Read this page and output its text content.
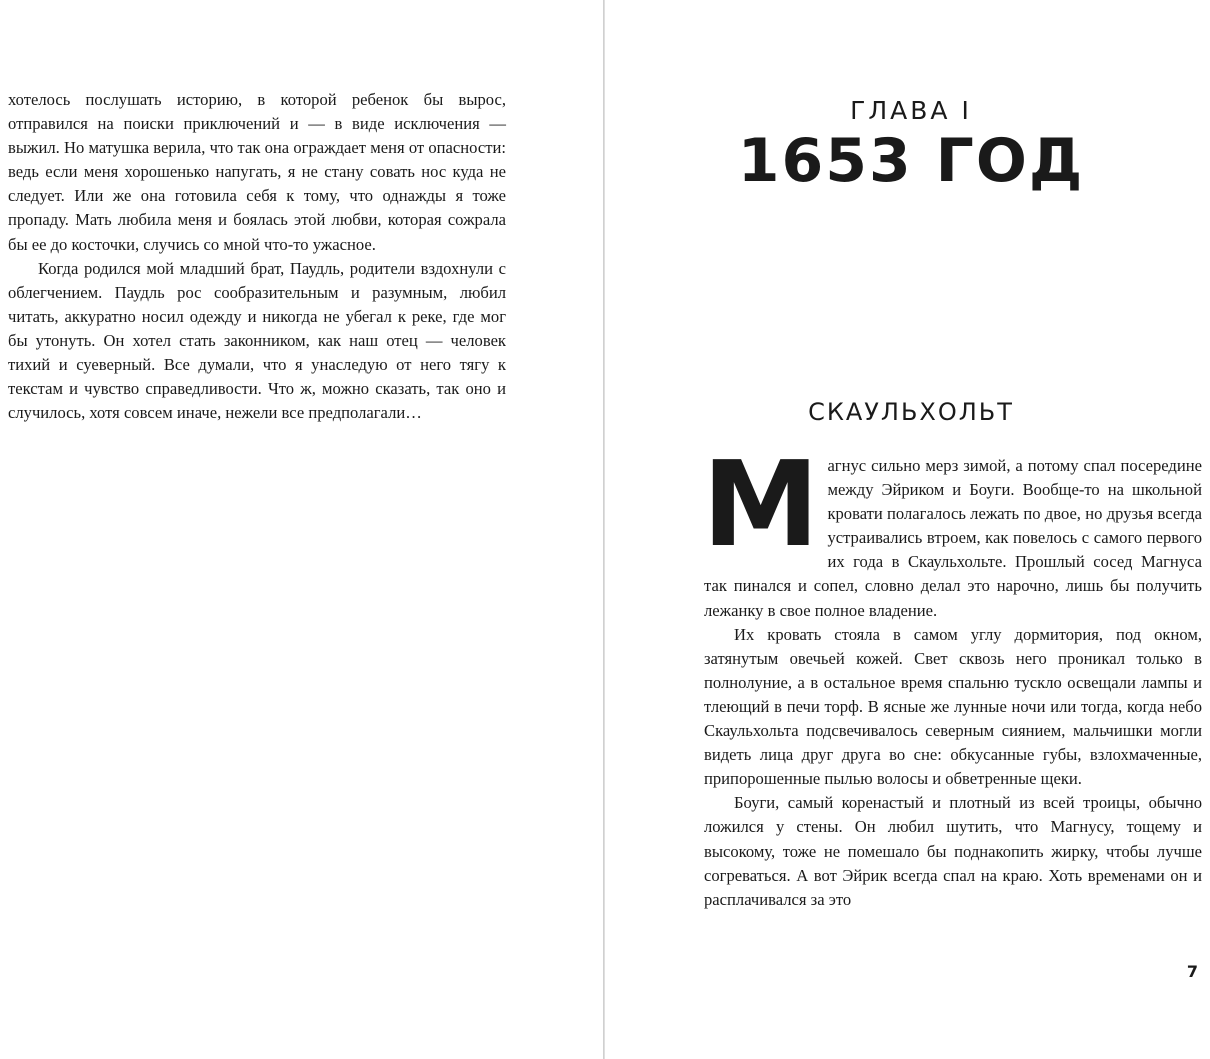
хотелось послушать историю, в которой ребенок бы вырос, отправился на поиски приключений и — в виде исключения — выжил. Но матушка верила, что так она ограждает меня от опасности: ведь если меня хорошенько напугать, я не стану совать нос куда не следует. Или же она готовила себя к тому, что однажды я тоже пропаду. Мать любила меня и боялась этой любви, которая сожрала бы ее до косточки, случись со мной что-то ужасное.

Когда родился мой младший брат, Паудль, родители вздохнули с облегчением. Паудль рос сообразительным и разумным, любил читать, аккуратно носил одежду и никогда не убегал к реке, где мог бы утонуть. Он хотел стать законником, как наш отец — человек тихий и суеверный. Все думали, что я унаследую от него тягу к текстам и чувство справедливости. Что ж, можно сказать, так оно и случилось, хотя совсем иначе, нежели все предполагали…

ГЛАВА I
1653 ГОД
СКАУЛЬХОЛЬТ

Магнус сильно мерз зимой, а потому спал посередине между Эйриком и Боуги. Вообще-то на школьной кровати полагалось лежать по двое, но друзья всегда устраивались втроем, как повелось с самого первого их года в Скаульхольте. Прошлый сосед Магнуса так пинался и сопел, словно делал это нарочно, лишь бы получить лежанку в свое полное владение.

Их кровать стояла в самом углу дормитория, под окном, затянутым овечьей кожей. Свет сквозь него проникал только в полнолуние, а в остальное время спальню тускло освещали лампы и тлеющий в печи торф. В ясные же лунные ночи или тогда, когда небо Скаульхольта подсвечивалось северным сиянием, мальчишки могли видеть лица друг друга во сне: обкусанные губы, взлохмаченные, припорошенные пылью волосы и обветренные щеки.

Боуги, самый коренастый и плотный из всей троицы, обычно ложился у стены. Он любил шутить, что Магнусу, тощему и высокому, тоже не помешало бы поднакопить жирку, чтобы лучше согреваться. А вот Эйрик всегда спал на краю. Хоть временами он и расплачивался за это

7
